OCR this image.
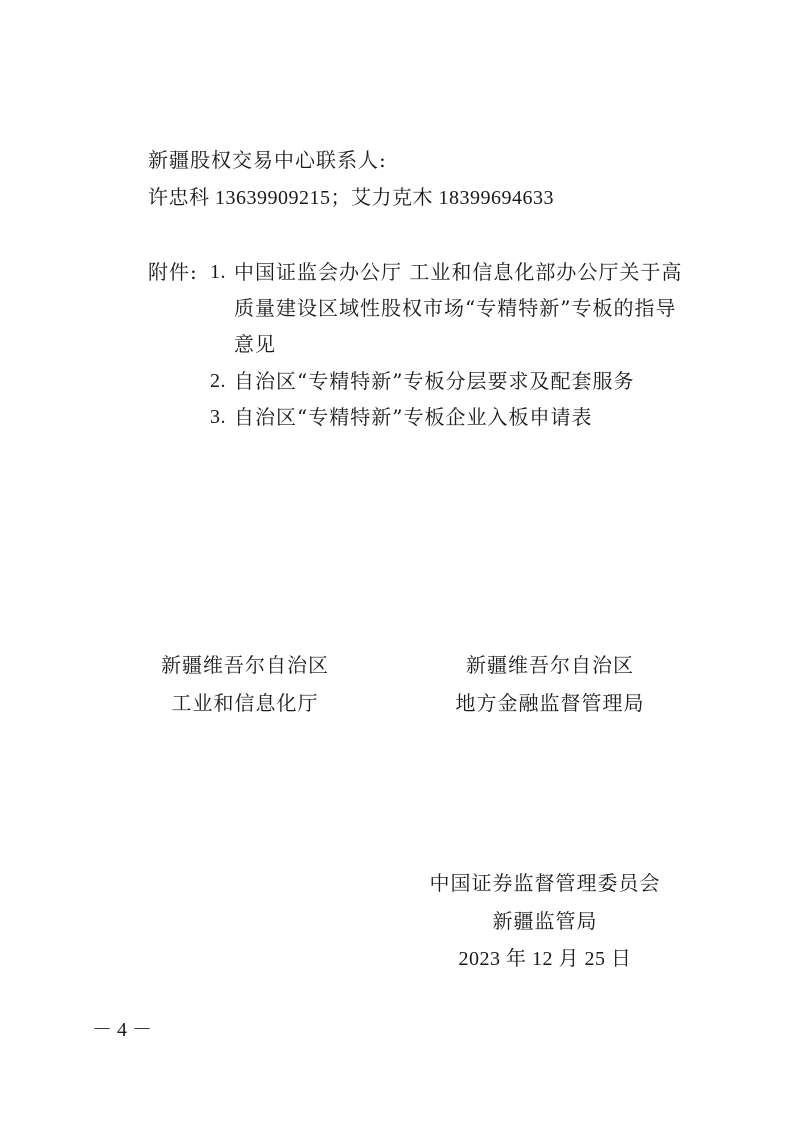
新疆股权交易中心联系人:
许忠科 13639909215；艾力克木 18399694633
附件: 1. 中国证监会办公厅 工业和信息化部办公厅关于高
质量建设区域性股权市场“专精特新”专板的指导
意见
2. 自治区“专精特新”专板分层要求及配套服务
3. 自治区“专精特新”专板企业入板申请表
新疆维吾尔自治区
工业和信息化厅
新疆维吾尔自治区
地方金融监督管理局
中国证券监督管理委员会
新疆监管局
2023 年 12 月 25 日
－ 4 －
